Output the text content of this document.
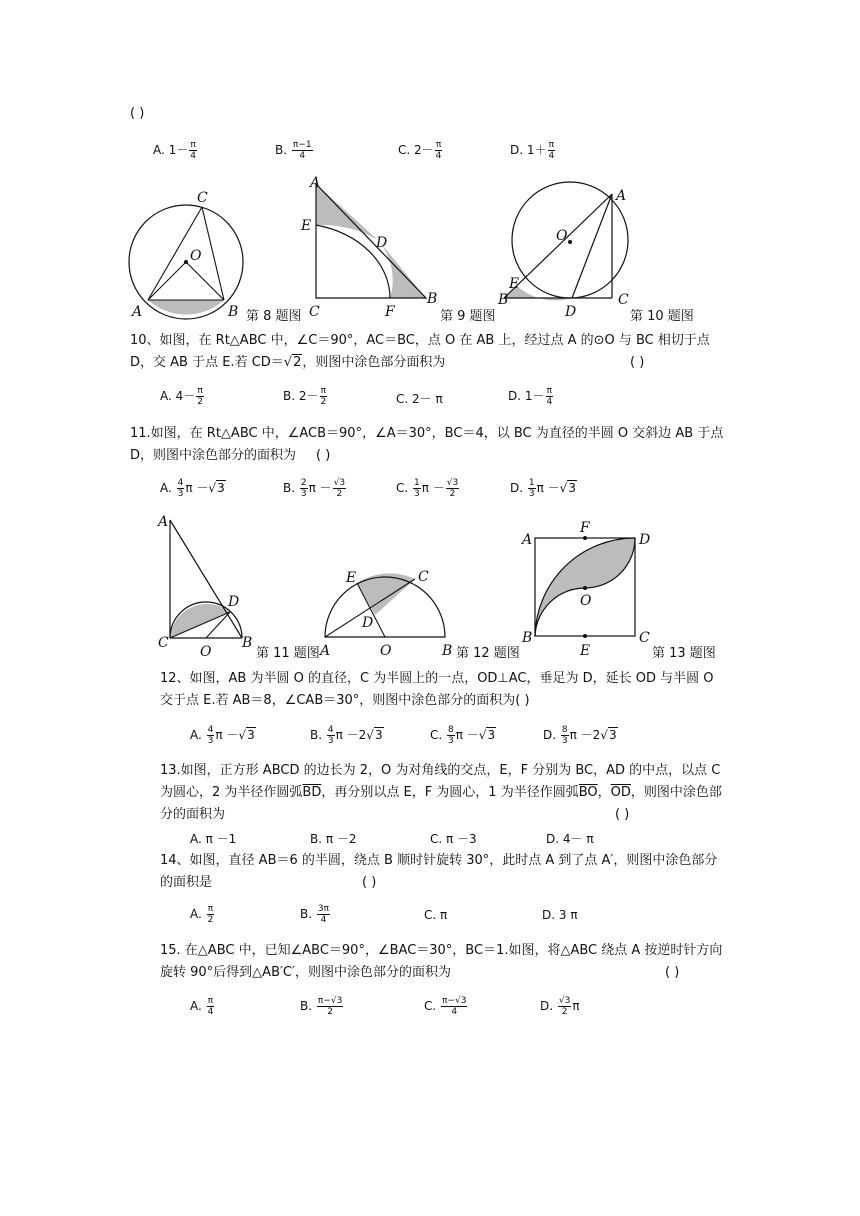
( )
A. $1- \frac{\pi}{4}$	B. $\frac{\pi-1}{4}$	C. $2- \frac{\pi}{4}$	D. $1+ \frac{\pi}{4}$
C
O
A	B
A
E
D
C	F
B
A
O
E
B
D
C
第 8 题图	第 9 题图	第 10 题图
10、如图，在 Rt△ABC 中，∠C＝90°，AC＝BC，点 O 在 AB 上，经过点 A 的⊙O 与 BC 相切于点 D，交 AB 于点 E.若 CD＝√2，则图中涂色部分面积为	( )
A. $4- \frac{\pi}{2}$	B. $2- \frac{\pi}{2}$	C. 2－ π	D. $1- \frac{\pi}{4}$
11.如图，在 Rt△ABC 中，∠ACB＝90°，∠A＝30°，BC＝4，以 BC 为直径的半圆 O 交斜边 AB 于点 D，则图中涂色部分的面积为 ( )
A. $\frac{4}{3}$ π －√3	B. $\frac{2}{3}$ $\pi - \frac{√3}{2}$	C. $\frac{1}{3}$ $\pi - \frac{√3}{2}$	D. $\frac{1}{3}$ π －√3
A
D
C
O
B
E	C
D
A	O	B
A
F
D
O
B
E
C
第 11 题图	第 12 题图	第 13 题图
12、如图，AB 为半圆 O 的直径，C 为半圆上的一点，OD⊥AC，垂足为 D，延长 OD 与半圆 O 交于点 E.若 AB＝8，∠CAB＝30°，则图中涂色部分的面积为( )
A. $\frac{4}{3}$ π －√3	B. $\frac{4}{3}$ π －2√3	C. $\frac{8}{3}$ π －√3	D. $\frac{8}{3}$ π －2√3
13.如图，正方形 ABCD 的边长为 2，O 为对角线的交点，E，F 分别为 BC，AD 的中点，以点 C 为圆心，2 为半径作圆弧$\overline{BD}$，再分别以点 E，F 为圆心，1 为半径作圆弧$\overline{BO}$，$\overline{OD}$，则图中涂色部分的面积为	( )
A. π －1	B. π －2	C. π －3	D. 4－ π
14、如图，直径 AB＝6 的半圆，绕点 B 顺时针旋转 30°，此时点 A 到了点 A′，则图中涂色部分的面积是	( )
A. $\frac{\pi}{2}$	B. $\frac{3\pi}{4}$	C. π	D. 3 π
15. 在△ABC 中，已知∠ABC＝90°，∠BAC＝30°，BC＝1.如图，将△ABC 绕点 A 按逆时针方向旋转 90°后得到△AB′C′，则图中涂色部分的面积为	( )
A. $\frac{\pi}{4}$	B. $\frac{\pi-√3}{2}$	C. $\frac{\pi-√3}{4}$	D. $\frac{√3}{2}$ π
